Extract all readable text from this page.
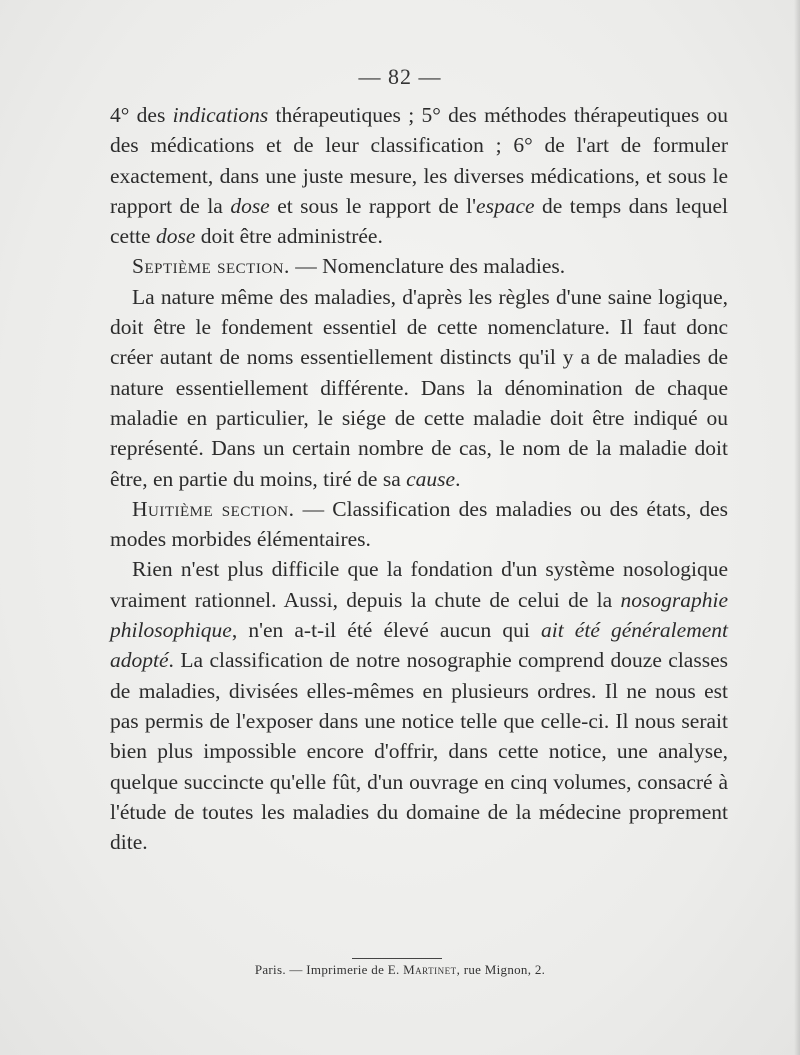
— 82 —

4° des indications thérapeutiques ; 5° des méthodes thérapeutiques ou des médications et de leur classification ; 6° de l'art de formuler exactement, dans une juste mesure, les diverses médications, et sous le rapport de la dose et sous le rapport de l'espace de temps dans lequel cette dose doit être administrée.

Septième section. — Nomenclature des maladies.

La nature même des maladies, d'après les règles d'une saine logique, doit être le fondement essentiel de cette nomenclature. Il faut donc créer autant de noms essentiellement distincts qu'il y a de maladies de nature essentiellement différente. Dans la dénomination de chaque maladie en particulier, le siége de cette maladie doit être indiqué ou représenté. Dans un certain nombre de cas, le nom de la maladie doit être, en partie du moins, tiré de sa cause.

Huitième section. — Classification des maladies ou des états, des modes morbides élémentaires.

Rien n'est plus difficile que la fondation d'un système nosologique vraiment rationnel. Aussi, depuis la chute de celui de la nosographie philosophique, n'en a-t-il été élevé aucun qui ait été généralement adopté. La classification de notre nosographie comprend douze classes de maladies, divisées elles-mêmes en plusieurs ordres. Il ne nous est pas permis de l'exposer dans une notice telle que celle-ci. Il nous serait bien plus impossible encore d'offrir, dans cette notice, une analyse, quelque succincte qu'elle fût, d'un ouvrage en cinq volumes, consacré à l'étude de toutes les maladies du domaine de la médecine proprement dite.

Paris. — Imprimerie de E. Martinet, rue Mignon, 2.
